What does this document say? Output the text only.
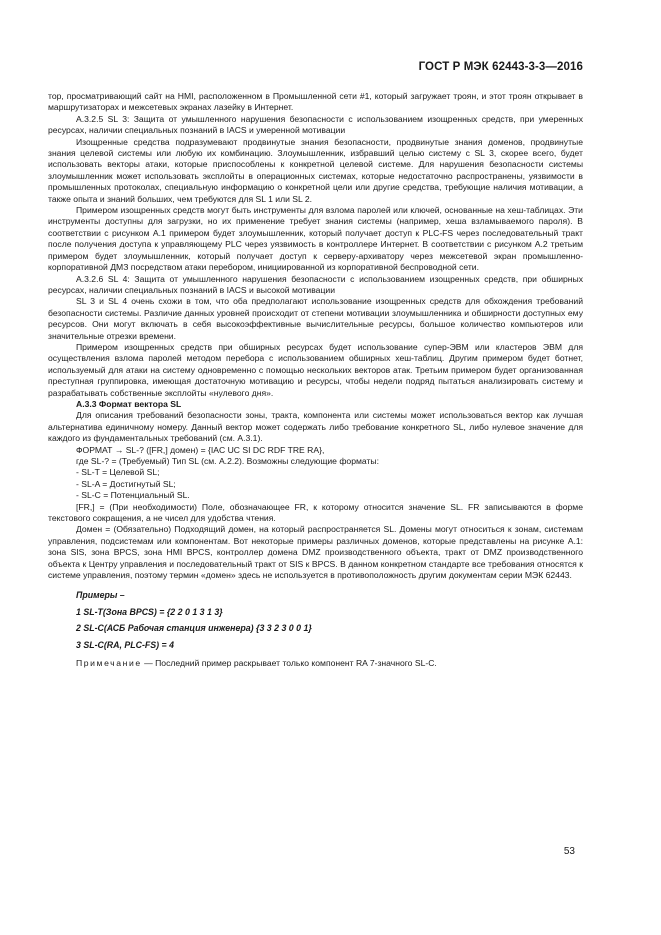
ГОСТ Р МЭК 62443-3-3—2016

тор, просматривающий сайт на HMI, расположенном в Промышленной сети #1, который загружает троян, и этот троян открывает в маршрутизаторах и межсетевых экранах лазейку в Интернет.

А.3.2.5 SL 3: Защита от умышленного нарушения безопасности с использованием изощренных средств, при умеренных ресурсах, наличии специальных познаний в IACS и умеренной мотивации

Изощренные средства подразумевают продвинутые знания безопасности, продвинутые знания доменов, продвинутые знания целевой системы или любую их комбинацию. Злоумышленник, избравший целью систему с SL 3, скорее всего, будет использовать векторы атаки, которые приспособлены к конкретной целевой системе. Для нарушения безопасности системы злоумышленник может использовать эксплойты в операционных системах, которые недостаточно распространены, уязвимости в промышленных протоколах, специальную информацию о конкретной цели или другие средства, требующие наличия мотивации, а также опыта и знаний больших, чем требуются для SL 1 или SL 2.

Примером изощренных средств могут быть инструменты для взлома паролей или ключей, основанные на хеш-таблицах. Эти инструменты доступны для загрузки, но их применение требует знания системы (например, хеша взламываемого пароля). В соответствии с рисунком А.1 примером будет злоумышленник, который получает доступ к PLC-FS через последовательный тракт после получения доступа к управляющему PLC через уязвимость в контроллере Интернет. В соответствии с рисунком А.2 третьим примером будет злоумышленник, который получает доступ к серверу-архиватору через межсетевой экран промышленно-корпоративной ДМЗ посредством атаки перебором, инициированной из корпоративной беспроводной сети.

А.3.2.6 SL 4: Защита от умышленного нарушения безопасности с использованием изощренных средств, при обширных ресурсах, наличии специальных познаний в IACS и высокой мотивации

SL 3 и SL 4 очень схожи в том, что оба предполагают использование изощренных средств для обхождения требований безопасности системы. Различие данных уровней происходит от степени мотивации злоумышленника и обширности доступных ему ресурсов. Они могут включать в себя высокоэффективные вычислительные ресурсы, большое количество компьютеров или значительные отрезки времени.

Примером изощренных средств при обширных ресурсах будет использование супер-ЭВМ или кластеров ЭВМ для осуществления взлома паролей методом перебора с использованием обширных хеш-таблиц. Другим примером будет ботнет, используемый для атаки на систему одновременно с помощью нескольких векторов атак. Третьим примером будет организованная преступная группировка, имеющая достаточную мотивацию и ресурсы, чтобы недели подряд пытаться анализировать систему и разрабатывать собственные эксплойты «нулевого дня».

А.3.3 Формат вектора SL

Для описания требований безопасности зоны, тракта, компонента или системы может использоваться вектор как лучшая альтернатива единичному номеру. Данный вектор может содержать либо требование конкретного SL, либо нулевое значение для каждого из фундаментальных требований (см. А.3.1).

ФОРМАТ → SL-? ([FR,] домен) = {IAC UC SI DC RDF TRE RA},

где SL-? = (Требуемый) Тип SL (см. А.2.2). Возможны следующие форматы:

- SL-T = Целевой SL;

- SL-A = Достигнутый SL;

- SL-C = Потенциальный SL.

[FR,] = (При необходимости) Поле, обозначающее FR, к которому относится значение SL. FR записываются в форме текстового сокращения, а не чисел для удобства чтения.

Домен = (Обязательно) Подходящий домен, на который распространяется SL. Домены могут относиться к зонам, системам управления, подсистемам или компонентам. Вот некоторые примеры различных доменов, которые представлены на рисунке А.1: зона SIS, зона BPCS, зона HMI BPCS, контроллер домена DMZ производственного объекта, тракт от DMZ производственного объекта к Центру управления и последовательный тракт от SIS к BPCS. В данном конкретном стандарте все требования относятся к системе управления, поэтому термин «домен» здесь не используется в противоположность другим документам серии МЭК 62443.

Примеры –

1 SL-T(Зона BPCS) = {2 2 0 1 3 1 3}

2 SL-C(АСБ Рабочая станция инженера) {3 3 2 3 0 0 1}

3 SL-C(RA, PLC-FS) = 4

Примечание — Последний пример раскрывает только компонент RA 7-значного SL-C.

53
